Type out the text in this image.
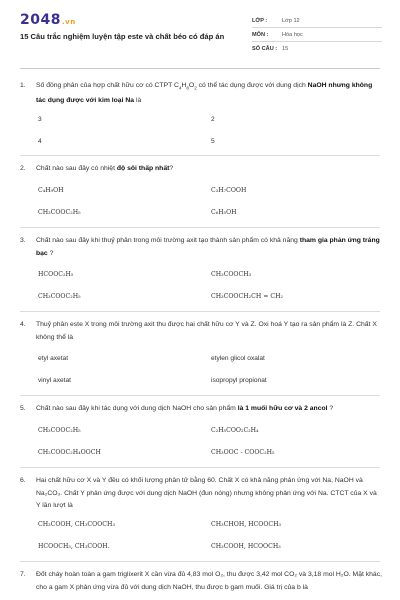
2048.vn
15 Câu trắc nghiệm luyện tập este và chất béo có đáp án
LỚP :	Lớp 12
MÔN :	Hóa học
SỐ CÂU : 15
1.	Số đồng phân của hợp chất hữu cơ có CTPT $C_4H_8O_2$ có thể tác dụng được với dung dịch NaOH nhưng không tác dụng được với kim loại Na là
3	2
4	5
2.	Chất nào sau đây có nhiệt độ sôi thấp nhất?
C₄H₉OH	C₃H₇COOH
CH₃COOC₂H₅	C₆H₅OH
3.	Chất nào sau đây khi thuỷ phân trong môi trường axit tạo thành sản phẩm có khả năng tham gia phản ứng tráng bạc ?
HCOOC₂H₅	CH₃COOCH₃
CH₃COOC₂H₅	CH₃COOCH₂CH = CH₂
4.	Thuỷ phân este X trong môi trường axit thu được hai chất hữu cơ Y và Z. Oxi hoá Y tạo ra sản phẩm là Z. Chất X không thể là
etyl axetat	etylen glicol oxalat
vinyl axetat	isopropyl propionat
5.	Chất nào sau đây khi tác dụng với dung dịch NaOH cho sản phẩm là 1 muối hữu cơ và 2 ancol ?
CH₃COOC₂H₅	C₂H₅COO₂C₂H₄
CH₂COOC₂H₄OOCH	CH₃OOC - COOC₂H₅
6.	Hai chất hữu cơ X và Y đều có khối lượng phân tử bằng 60. Chất X có khả năng phản ứng với Na, NaOH và Na₂CO₃. Chất Y phản ứng được với dung dịch NaOH (đun nóng) nhưng không phản ứng với Na. CTCT của X và Y lần lượt là
CH₃COOH, CH₃COOCH₃	CH₃CHOH, HCOOCH₃
HCOOCH₃, CH₃COOH.	CH₃COOH, HCOOCH₃
7.	Đốt cháy hoàn toàn a gam triglixerit X cần vừa đủ 4,83 mol O₂, thu được 3,42 mol CO₂ và 3,18 mol H₂O. Mặt khác, cho a gam X phản ứng vừa đủ với dung dịch NaOH, thu được b gam muối. Giá trị của b là
